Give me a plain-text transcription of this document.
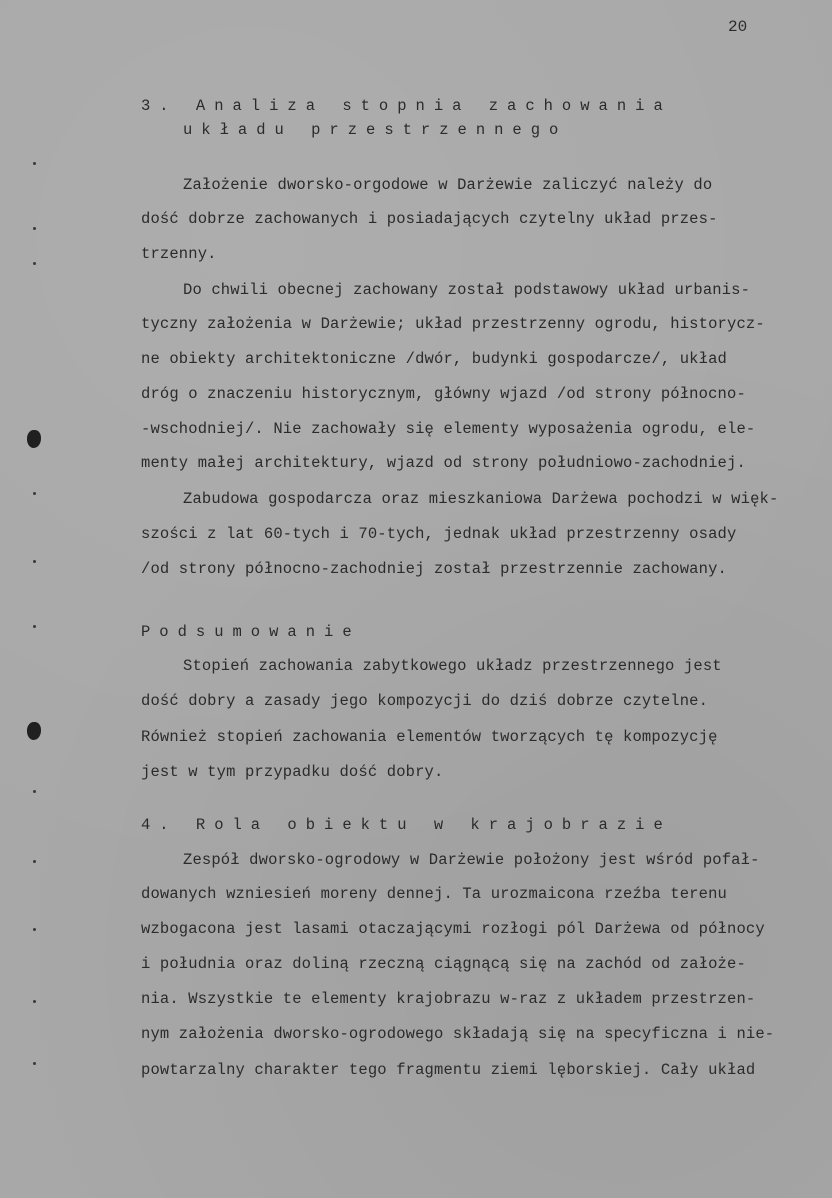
20
3. Analiza stopnia zachowania
układu przestrzennego
Założenie dworsko-orgodowe w Darżewie zaliczyć należy do
dość dobrze zachowanych i posiadających czytelny układ przes-
trzenny.
Do chwili obecnej zachowany został podstawowy układ urbanis-
tyczny założenia w Darżewie; układ przestrzenny ogrodu, historycz-
ne obiekty architektoniczne /dwór, budynki gospodarcze/, układ
dróg o znaczeniu historycznym, główny wjazd /od strony północno-
-wschodniej/. Nie zachowały się elementy wyposażenia ogrodu, ele-
menty małej architektury, wjazd od strony południowo-zachodniej.
Zabudowa gospodarcza oraz mieszkaniowa Darżewa pochodzi w więk-
szości z lat 60-tych i 70-tych, jednak układ przestrzenny osady
/od strony północno-zachodniej został przestrzennie zachowany.
Podsumowanie
Stopień zachowania zabytkowego układz przestrzennego jest
dość dobry a zasady jego kompozycji do dziś dobrze czytelne.
Również stopień zachowania elementów tworzących tę kompozycję
jest w tym przypadku dość dobry.
4. Rola obiektu w krajobrazie
Zespół dworsko-ogrodowy w Darżewie położony jest wśród pofał-
dowanych wzniesień moreny dennej. Ta urozmaicona rzeźba terenu
wzbogacona jest lasami otaczającymi rozłogi pól Darżewa od północy
i południa oraz doliną rzeczną ciągnącą się na zachód od założe-
nia. Wszystkie te elementy krajobrazu w-raz z układem przestrzen-
nym założenia dworsko-ogrodowego składają się na specyficzna i nie-
powtarzalny charakter tego fragmentu ziemi lęborskiej. Cały układ
